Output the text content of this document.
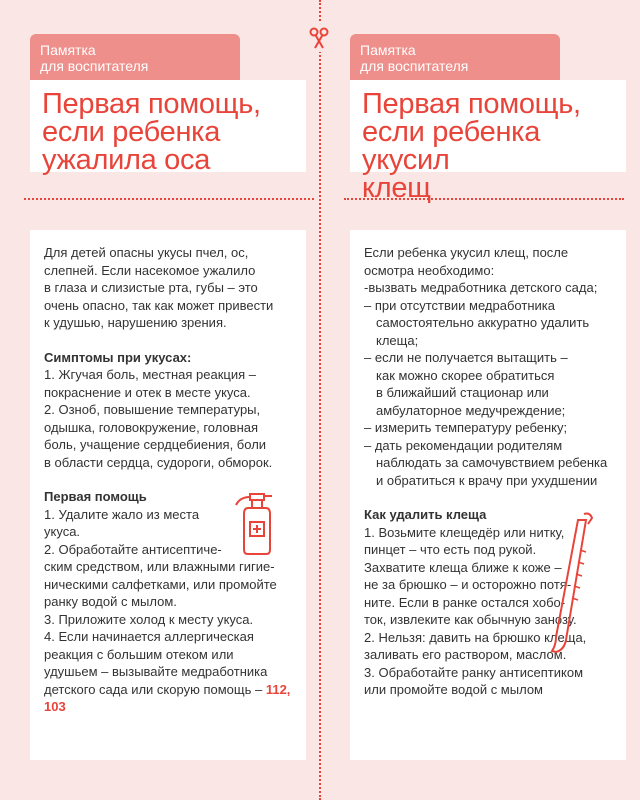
Памятка
для воспитателя
Первая помощь,
если ребенка
ужалила оса

Для детей опасны укусы пчел, ос,

слепней. Если насекомое ужалило

в глаза и слизистые рта, губы – это

очень опасно, так как может привести

к удушью, нарушению зрения.

Симптомы при укусах:

1. Жгучая боль, местная реакция –

покраснение и отек в месте укуса.

2. Озноб, повышение температуры,

одышка, головокружение, головная

боль, учащение сердцебиения, боли

в области сердца, судороги, обморок.

Первая помощь

1. Удалите жало из места

укуса.

2. Обработайте антисептиче-

ским средством, или влажными гигие-

ническими салфетками, или промойте

ранку водой с мылом.

3. Приложите холод к месту укуса.

4. Если начинается аллергическая

реакция с большим отеком или

удушьем – вызывайте медработника

детского сада или скорую помощь – 112,

103

Памятка
для воспитателя
Первая помощь,
если ребенка укусил
клещ

Если ребенка укусил клещ, после

осмотра необходимо:

-вызвать медработника детского сада;

– при отсутствии медработника

самостоятельно аккуратно удалить

клеща;

– если не получается вытащить –

как можно скорее обратиться

в ближайший стационар или

амбулаторное медучреждение;

– измерить температуру ребенку;

– дать рекомендации родителям

наблюдать за самочувствием ребенка

и обратиться к врачу при ухудшении

Как удалить клеща

1. Возьмите клещедёр или нитку,

пинцет – что есть под рукой.

Захватите клеща ближе к коже –

не за брюшко – и осторожно потя-

ните. Если в ранке остался хобо-

ток, извлеките как обычную занозу.

2. Нельзя: давить на брюшко клеща,

заливать его раствором, маслом.

3. Обработайте ранку антисептиком

или промойте водой с мылом
